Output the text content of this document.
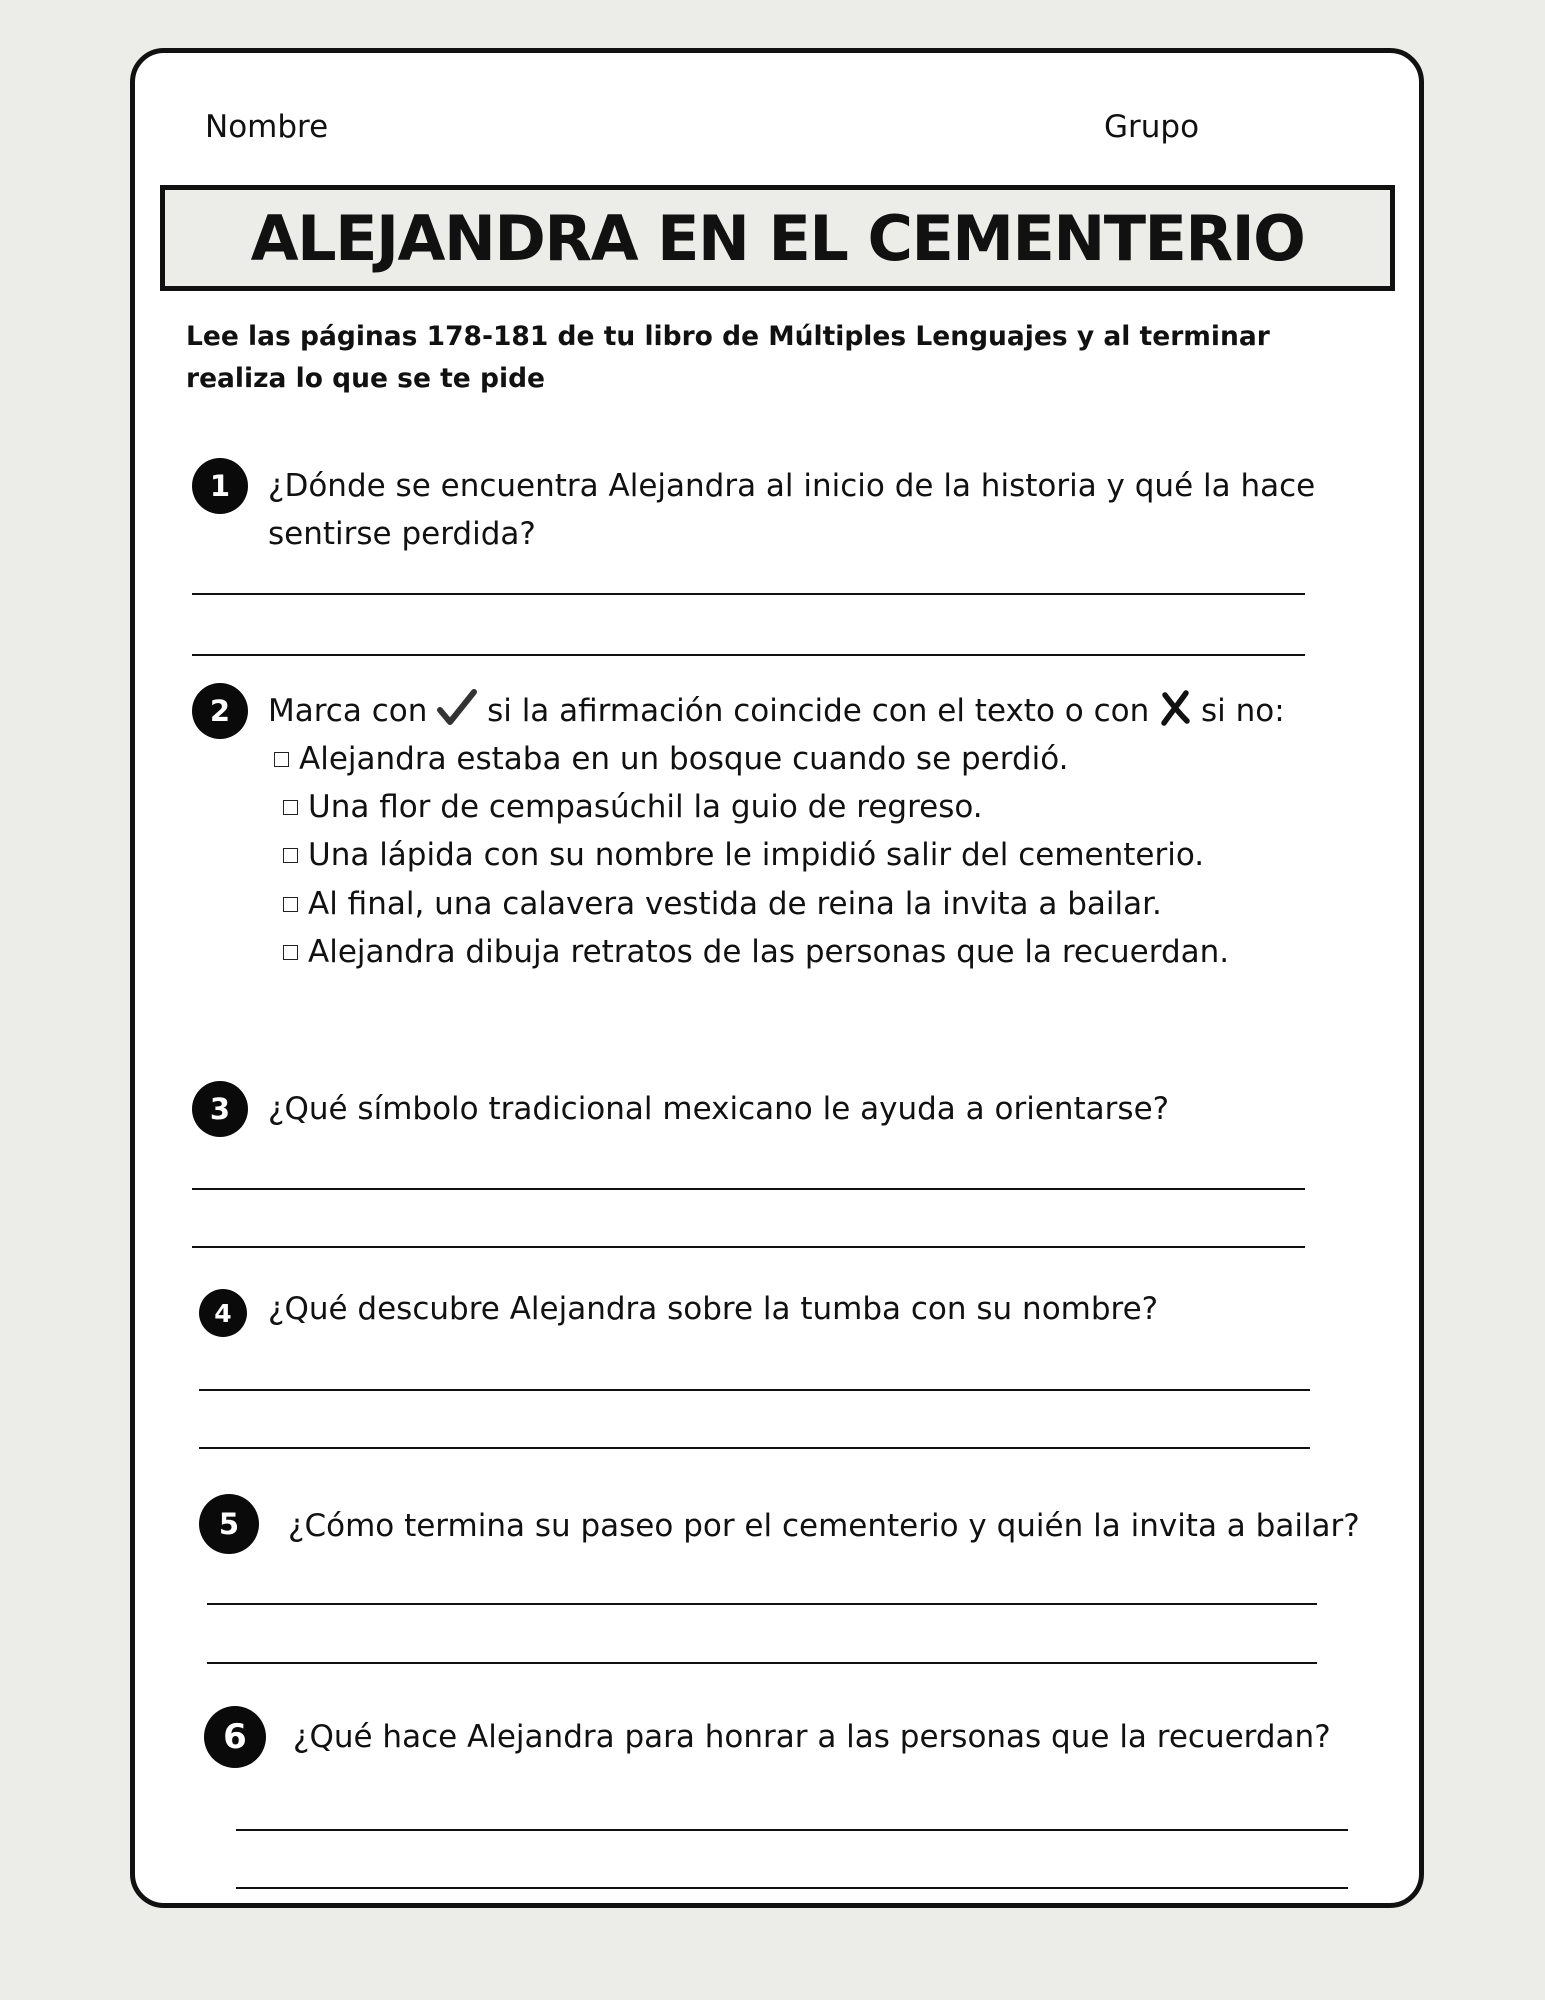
Nombre	Grupo
ALEJANDRA EN EL CEMENTERIO
Lee las páginas 178-181 de tu libro de Múltiples Lenguajes y al terminar realiza lo que se te pide
1	¿Dónde se encuentra Alejandra al inicio de la historia y qué la hace
sentirse perdida?
2	Marca con si la afirmación coincide con el texto o con si no:
Alejandra estaba en un bosque cuando se perdió.
Una flor de cempasúchil la guio de regreso.
Una lápida con su nombre le impidió salir del cementerio.
Al final, una calavera vestida de reina la invita a bailar.
Alejandra dibuja retratos de las personas que la recuerdan.
3	¿Qué símbolo tradicional mexicano le ayuda a orientarse?
4	¿Qué descubre Alejandra sobre la tumba con su nombre?
5	¿Cómo termina su paseo por el cementerio y quién la invita a bailar?
6	¿Qué hace Alejandra para honrar a las personas que la recuerdan?
